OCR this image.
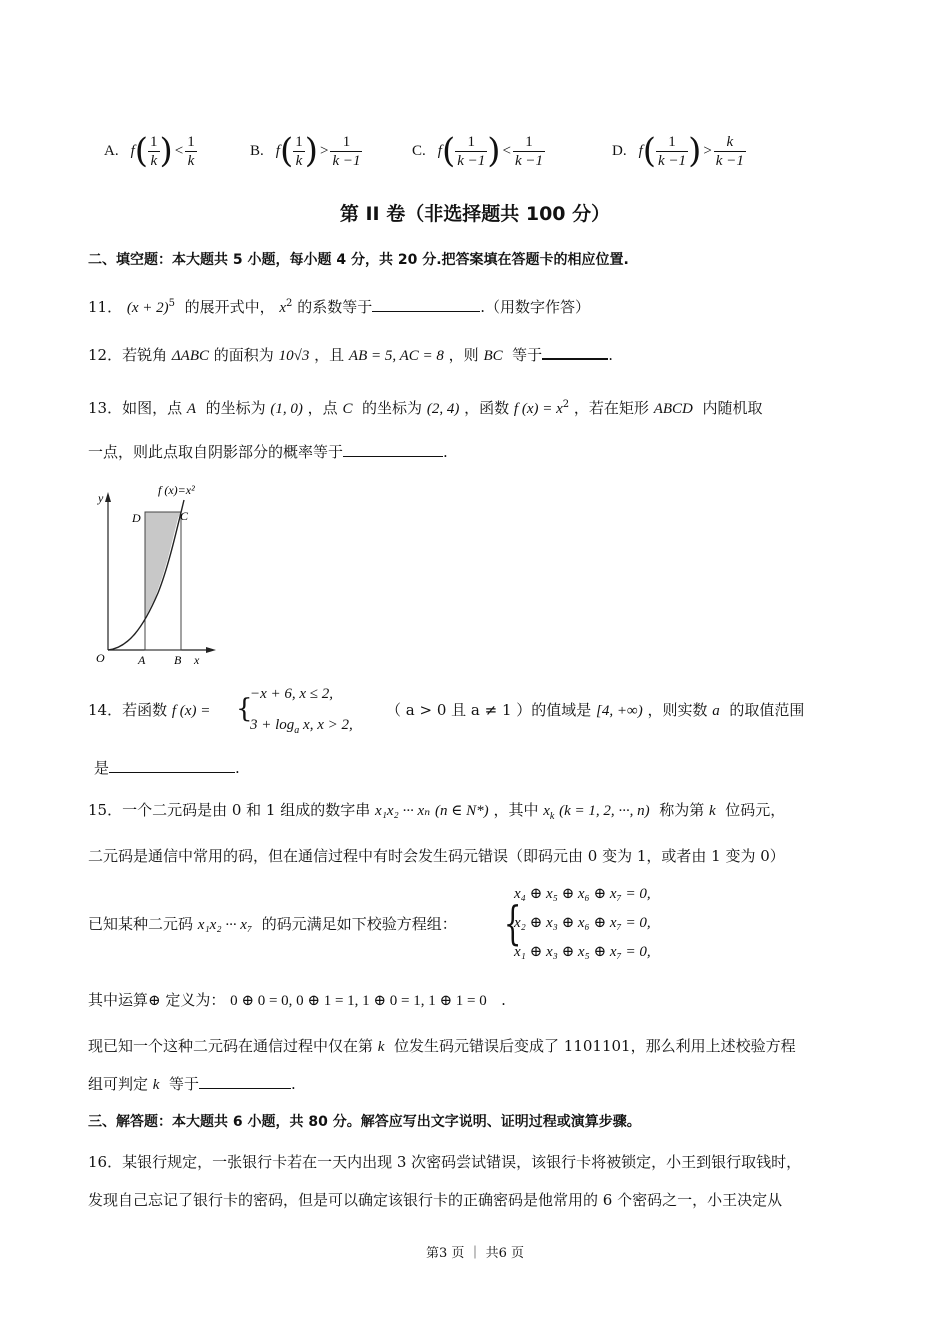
A. f ( $\frac{1}{k}$ ) < $\frac{1}{k}$	B. f ( $\frac{1}{k}$ ) > $\frac{1}{k -1}$	C. f ( $\frac{1}{k -1}$ ) < $\frac{1}{k -1}$	D. f ( $\frac{1}{k -1}$ ) > $\frac{k}{k -1}$
第 II 卷（非选择题共 100 分）
二、填空题：本大题共 5 小题，每小题 4 分，共 20 分.把答案填在答题卡的相应位置.
11． $(x + 2)^5$ 的展开式中， $x^2$ 的系数等于	.（用数字作答）
12．若锐角 ΔABC 的面积为 10√3 ，且 AB = 5, AC = 8 ，则 BC 等于	.
13．如图，点 A 的坐标为 (1, 0) ，点 C 的坐标为 (2, 4) ，函数 f $(x) = x^2$ ，若在矩形 ABCD 内随机取
一点，则此点取自阴影部分的概率等于	.
f (x)=x²
y
O	A B x
D	C
14．若函数 f (x) = {
−x + 6, x ≤ 2,
$3 + \log_a x$, x > 2,
（ a > 0 且 a ≠ 1 ）的值域是 [4, +∞) ，则实数 a 的取值范围
是	.
15．一个二元码是由 0 和 1 组成的数字串 x₁x₂ ··· xₙ (n ∈ N*) ，其中 $x_k$ (k = 1, 2, ···, n) 称为第 k 位码元，
二元码是通信中常用的码，但在通信过程中有时会发生码元错误（即码元由 0 变为 1，或者由 1 变为 0）
已知某种二元码 x₁x₂ ··· x₇ 的码元满足如下校验方程组： {
x₄ ⊕ x₅ ⊕ x₆ ⊕ x₇ = 0,
x₂ ⊕ x₃ ⊕ x₆ ⊕ x₇ = 0,
x₁ ⊕ x₃ ⊕ x₅ ⊕ x₇ = 0,
其中运算⊕ 定义为： 0 ⊕ 0 = 0, 0 ⊕ 1 = 1, 1 ⊕ 0 = 1, 1 ⊕ 1 = 0 .
现已知一个这种二元码在通信过程中仅在第 k 位发生码元错误后变成了 1101101，那么利用上述校验方程
组可判定 k 等于	.
三、解答题：本大题共 6 小题，共 80 分。解答应写出文字说明、证明过程或演算步骤。
16．某银行规定，一张银行卡若在一天内出现 3 次密码尝试错误，该银行卡将被锁定，小王到银行取钱时，
发现自己忘记了银行卡的密码，但是可以确定该银行卡的正确密码是他常用的 6 个密码之一，小王决定从
第3 页 ｜ 共6 页
